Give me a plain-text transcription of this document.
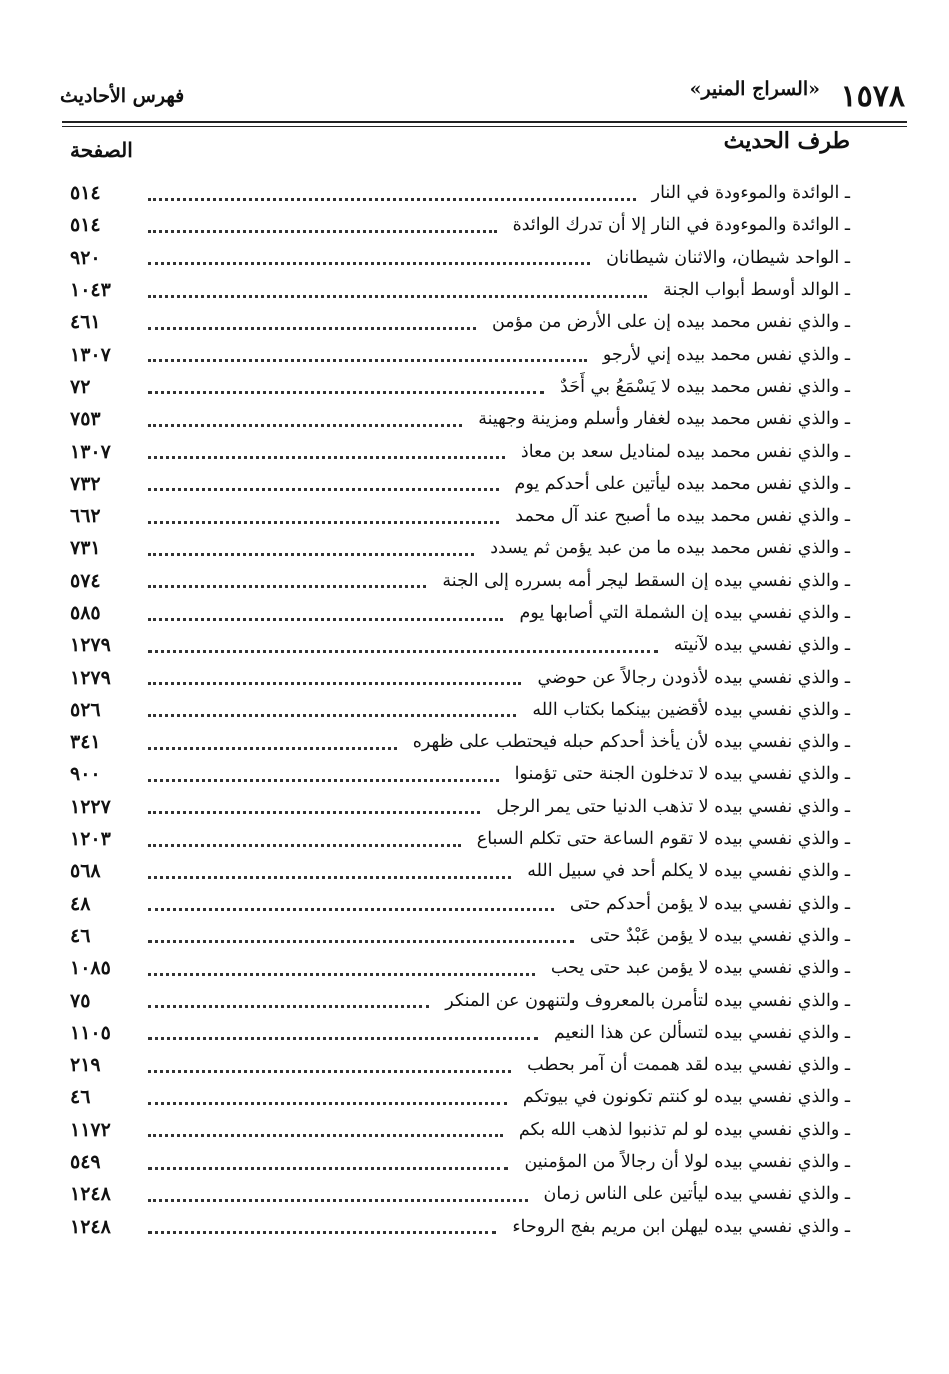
١٥٧٨
«السراج المنير»
فهرس الأحاديث
طرف الحديث
الصفحة
ـ الوائدة والموءودة في النار
٥١٤
ـ الوائدة والموءودة في النار إلا أن تدرك الوائدة
٥١٤
ـ الواحد شيطان، والاثنان شيطانان
٩٢٠
ـ الوالد أوسط أبواب الجنة
١٠٤٣
ـ والذي نفس محمد بيده إن على الأرض من مؤمن
٤٦١
ـ والذي نفس محمد بيده إني لأرجو
١٣٠٧
ـ والذي نفس محمد بيده لا يَسْمَعُ بي أَحَدٌ
٧٢
ـ والذي نفس محمد بيده لغفار وأسلم ومزينة وجهينة
٧٥٣
ـ والذي نفس محمد بيده لمناديل سعد بن معاذ
١٣٠٧
ـ والذي نفس محمد بيده ليأتين على أحدكم يوم
٧٣٢
ـ والذي نفس محمد بيده ما أصبح عند آل محمد
٦٦٢
ـ والذي نفس محمد بيده ما من عبد يؤمن ثم يسدد
٧٣١
ـ والذي نفسي بيده إن السقط ليجر أمه بسرره إلى الجنة
٥٧٤
ـ والذي نفسي بيده إن الشملة التي أصابها يوم
٥٨٥
ـ والذي نفسي بيده لآنيته
١٢٧٩
ـ والذي نفسي بيده لأذودن رجالاً عن حوضي
١٢٧٩
ـ والذي نفسي بيده لأقضين بينكما بكتاب الله
٥٢٦
ـ والذي نفسي بيده لأن يأخذ أحدكم حبله فيحتطب على ظهره
٣٤١
ـ والذي نفسي بيده لا تدخلون الجنة حتى تؤمنوا
٩٠٠
ـ والذي نفسي بيده لا تذهب الدنيا حتى يمر الرجل
١٢٢٧
ـ والذي نفسي بيده لا تقوم الساعة حتى تكلم السباع
١٢٠٣
ـ والذي نفسي بيده لا يكلم أحد في سبيل الله
٥٦٨
ـ والذي نفسي بيده لا يؤمن أحدكم حتى
٤٨
ـ والذي نفسي بيده لا يؤمن عَبْدٌ حتى
٤٦
ـ والذي نفسي بيده لا يؤمن عبد حتى يحب
١٠٨٥
ـ والذي نفسي بيده لتأمرن بالمعروف ولتنهون عن المنكر
٧٥
ـ والذي نفسي بيده لتسألن عن هذا النعيم
١١٠٥
ـ والذي نفسي بيده لقد هممت أن آمر بحطب
٢١٩
ـ والذي نفسي بيده لو كنتم تكونون في بيوتكم
٤٦
ـ والذي نفسي بيده لو لم تذنبوا لذهب الله بكم
١١٧٢
ـ والذي نفسي بيده لولا أن رجالاً من المؤمنين
٥٤٩
ـ والذي نفسي بيده ليأتين على الناس زمان
١٢٤٨
ـ والذي نفسي بيده ليهلن ابن مريم بفج الروحاء
١٢٤٨
